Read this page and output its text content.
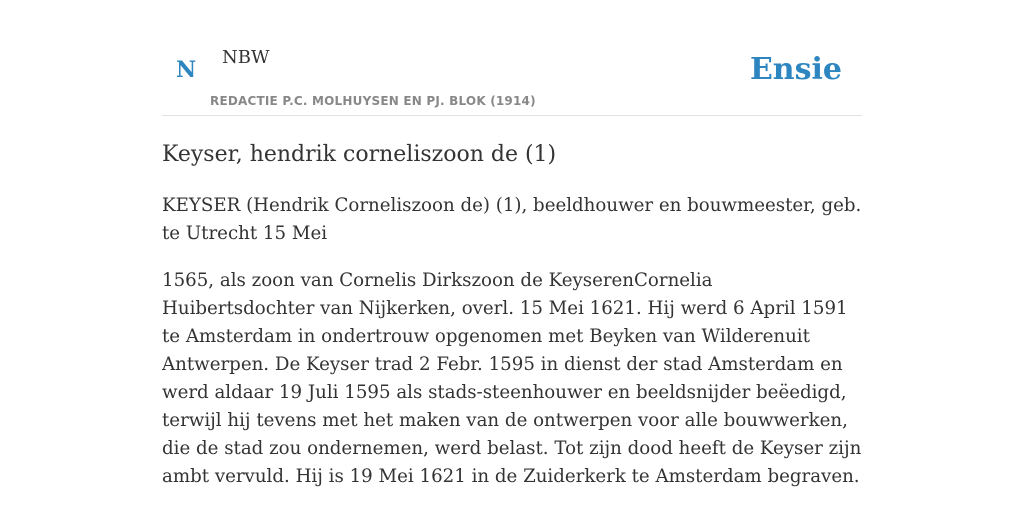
N NBW
REDACTIE P.C. MOLHUYSEN EN PJ. BLOK (1914)
Ensie
Keyser, hendrik corneliszoon de (1)

KEYSER (Hendrik Corneliszoon de) (1), beeldhouwer en bouwmeester, geb. te Utrecht 15 Mei

1565, als zoon van Cornelis Dirkszoon de KeyserenCornelia Huibertsdochter van Nijkerken, overl. 15 Mei 1621. Hij werd 6 April 1591 te Amsterdam in ondertrouw opgenomen met Beyken van Wilderenuit Antwerpen. De Keyser trad 2 Febr. 1595 in dienst der stad Amsterdam en werd aldaar 19 Juli 1595 als stads-steenhouwer en beeldsnijder beëedigd, terwijl hij tevens met het maken van de ontwerpen voor alle bouwwerken, die de stad zou ondernemen, werd belast. Tot zijn dood heeft de Keyser zijn ambt vervuld. Hij is 19 Mei 1621 in de Zuiderkerk te Amsterdam begraven.
